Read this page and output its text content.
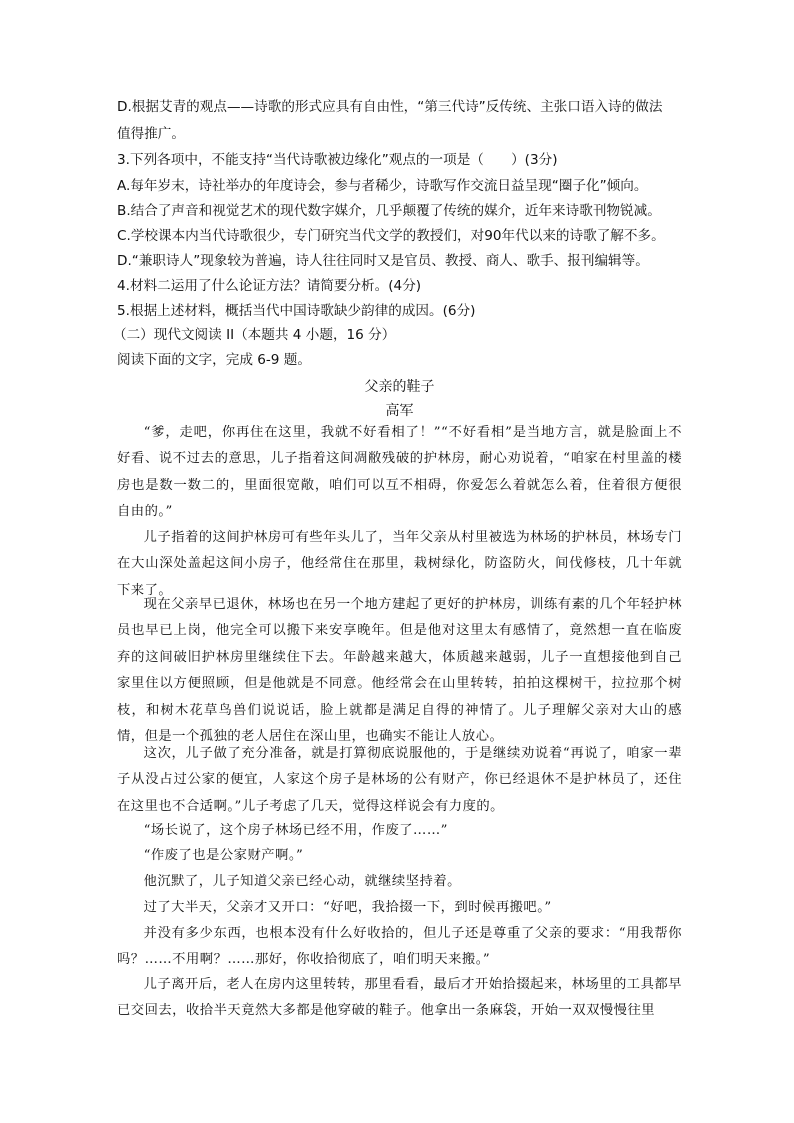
D.根据艾青的观点——诗歌的形式应具有自由性，“第三代诗”反传统、主张口语入诗的做法
值得推广。
3.下列各项中，不能支持“当代诗歌被边缘化”观点的一项是（　　）(3分)
A.每年岁末，诗社举办的年度诗会，参与者稀少，诗歌写作交流日益呈现“圈子化”倾向。
B.结合了声音和视觉艺术的现代数字媒介，几乎颠覆了传统的媒介，近年来诗歌刊物锐减。
C.学校课本内当代诗歌很少，专门研究当代文学的教授们，对90年代以来的诗歌了解不多。
D.“兼职诗人”现象较为普遍，诗人往往同时又是官员、教授、商人、歌手、报刊编辑等。
4.材料二运用了什么论证方法？请简要分析。(4分)
5.根据上述材料，概括当代中国诗歌缺少韵律的成因。(6分)
（二）现代文阅读 II（本题共 4 小题，16 分）
阅读下面的文字，完成 6-9 题。
父亲的鞋子
高军

“爹，走吧，你再住在这里，我就不好看相了！”“不好看相”是当地方言，就是脸面上不好看、说不过去的意思，儿子指着这间凋敝残破的护林房，耐心劝说着，“咱家在村里盖的楼房也是数一数二的，里面很宽敞，咱们可以互不相碍，你爱怎么着就怎么着，住着很方便很自由的。”

儿子指着的这间护林房可有些年头儿了，当年父亲从村里被选为林场的护林员，林场专门在大山深处盖起这间小房子，他经常住在那里，栽树绿化，防盗防火，间伐修枝，几十年就下来了。

现在父亲早已退休，林场也在另一个地方建起了更好的护林房，训练有素的几个年轻护林员也早已上岗，他完全可以搬下来安享晚年。但是他对这里太有感情了，竟然想一直在临废弃的这间破旧护林房里继续住下去。年龄越来越大，体质越来越弱，儿子一直想接他到自己家里住以方便照顾，但是他就是不同意。他经常会在山里转转，拍拍这棵树干，拉拉那个树枝，和树木花草鸟兽们说说话，脸上就都是满足自得的神情了。儿子理解父亲对大山的感情，但是一个孤独的老人居住在深山里，也确实不能让人放心。

这次，儿子做了充分准备，就是打算彻底说服他的，于是继续劝说着“再说了，咱家一辈子从没占过公家的便宜，人家这个房子是林场的公有财产，你已经退休不是护林员了，还住在这里也不合适啊。”儿子考虑了几天，觉得这样说会有力度的。

“场长说了，这个房子林场已经不用，作废了……”

“作废了也是公家财产啊。”

他沉默了，儿子知道父亲已经心动，就继续坚持着。

过了大半天，父亲才又开口：“好吧，我拾掇一下，到时候再搬吧。”

并没有多少东西，也根本没有什么好收拾的，但儿子还是尊重了父亲的要求：“用我帮你吗？……不用啊？……那好，你收拾彻底了，咱们明天来搬。”

儿子离开后，老人在房内这里转转，那里看看，最后才开始拾掇起来，林场里的工具都早已交回去，收拾半天竟然大多都是他穿破的鞋子。他拿出一条麻袋，开始一双双慢慢往里
